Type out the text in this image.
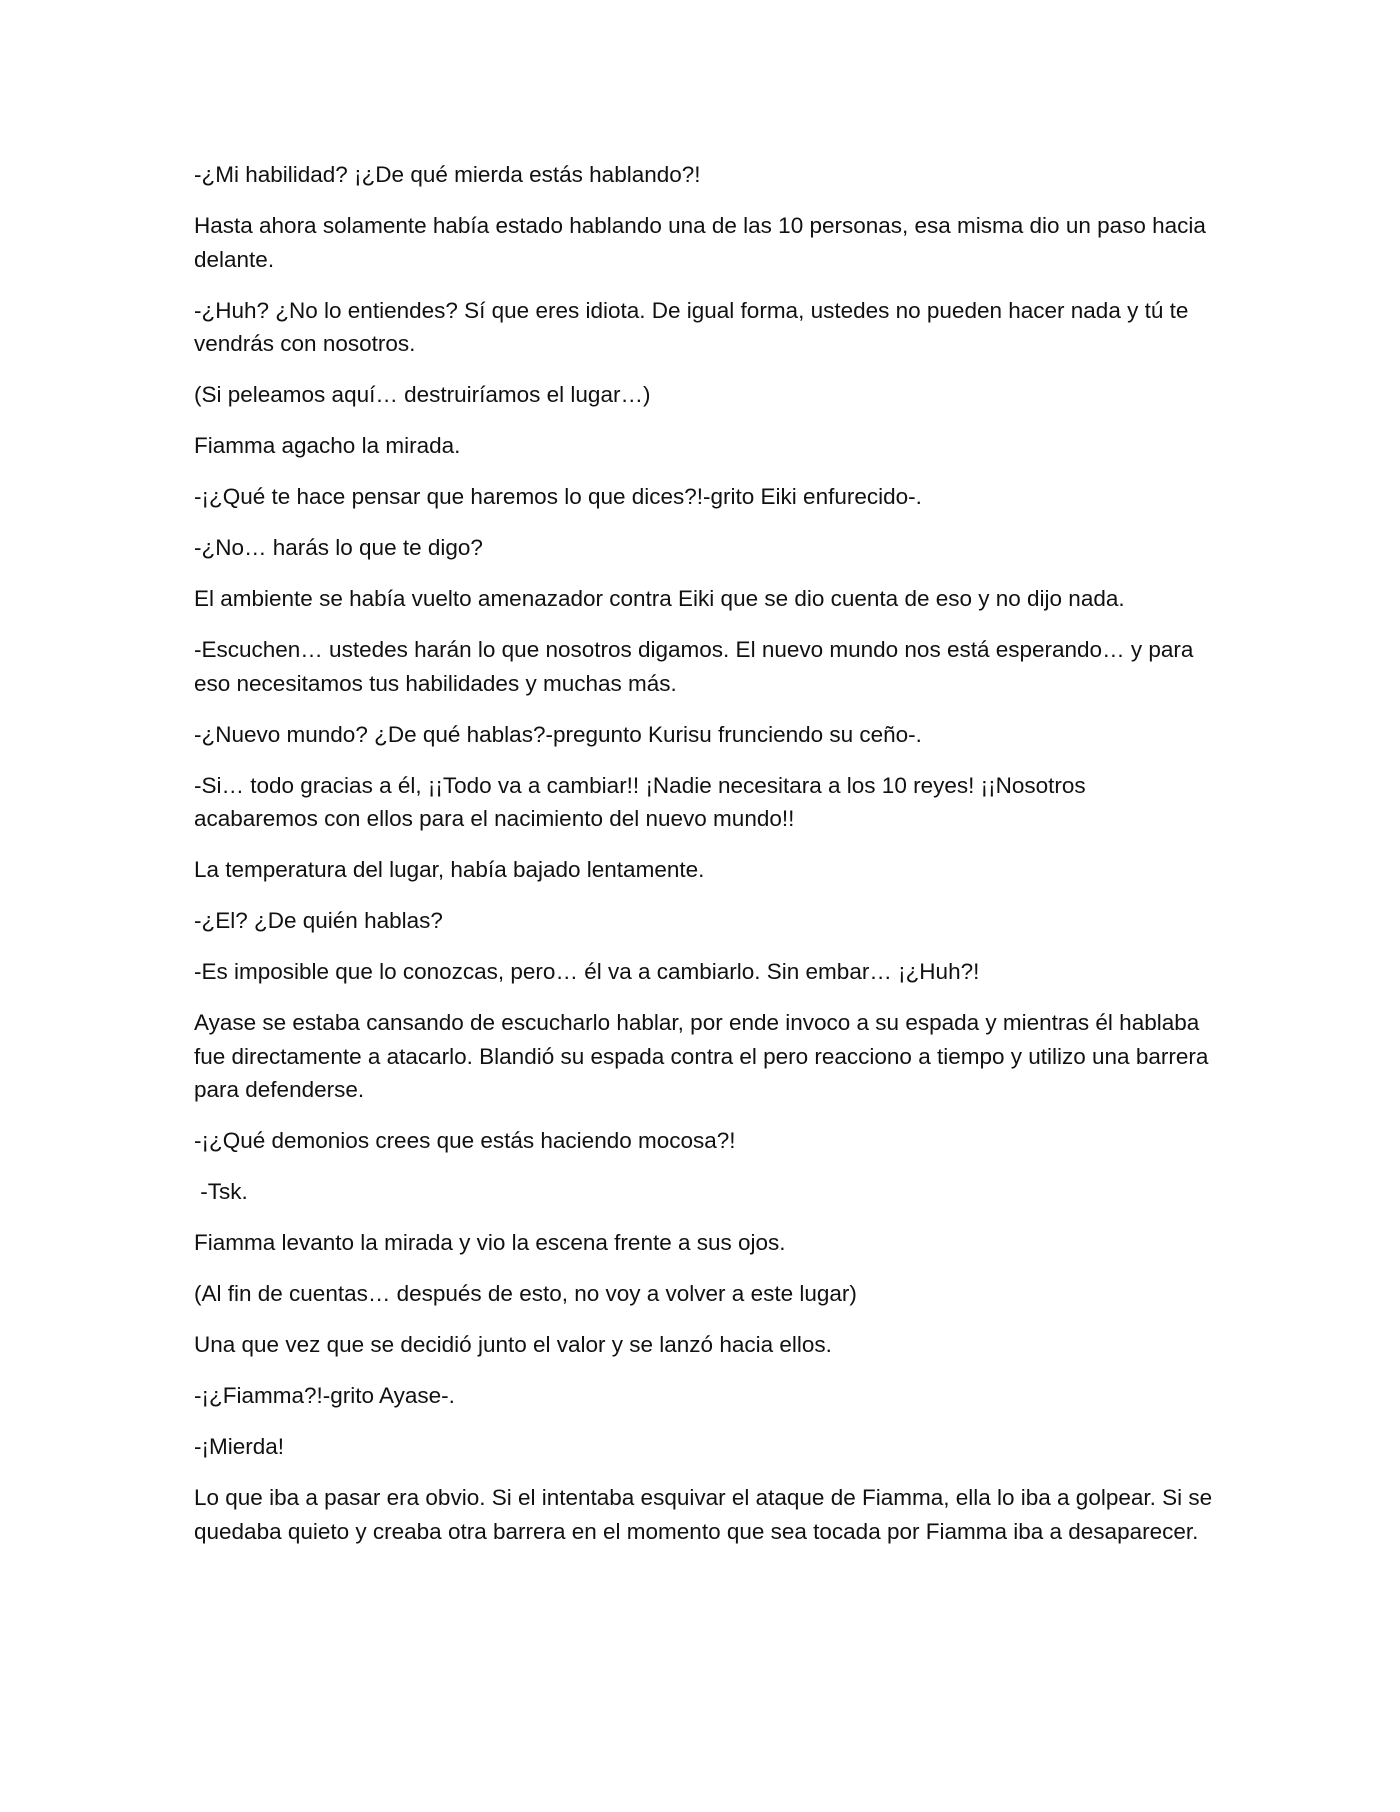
-¿Mi habilidad? ¡¿De qué mierda estás hablando?!

Hasta ahora solamente había estado hablando una de las 10 personas, esa misma dio un paso hacia delante.

-¿Huh? ¿No lo entiendes? Sí que eres idiota. De igual forma, ustedes no pueden hacer nada y tú te vendrás con nosotros.

(Si peleamos aquí… destruiríamos el lugar…)

Fiamma agacho la mirada.

-¡¿Qué te hace pensar que haremos lo que dices?!-grito Eiki enfurecido-.

-¿No… harás lo que te digo?

El ambiente se había vuelto amenazador contra Eiki que se dio cuenta de eso y no dijo nada.

-Escuchen… ustedes harán lo que nosotros digamos. El nuevo mundo nos está esperando… y para eso necesitamos tus habilidades y muchas más.

-¿Nuevo mundo? ¿De qué hablas?-pregunto Kurisu frunciendo su ceño-.

-Si… todo gracias a él, ¡¡Todo va a cambiar!! ¡Nadie necesitara a los 10 reyes! ¡¡Nosotros acabaremos con ellos para el nacimiento del nuevo mundo!!

La temperatura del lugar, había bajado lentamente.

-¿El? ¿De quién hablas?

-Es imposible que lo conozcas, pero… él va a cambiarlo. Sin embar… ¡¿Huh?!

Ayase se estaba cansando de escucharlo hablar, por ende invoco a su espada y mientras él hablaba fue directamente a atacarlo. Blandió su espada contra el pero reacciono a tiempo y utilizo una barrera para defenderse.

-¡¿Qué demonios crees que estás haciendo mocosa?!

-Tsk.

Fiamma levanto la mirada y vio la escena frente a sus ojos.

(Al fin de cuentas… después de esto, no voy a volver a este lugar)

Una que vez que se decidió junto el valor y se lanzó hacia ellos.

-¡¿Fiamma?!-grito Ayase-.

-¡Mierda!

Lo que iba a pasar era obvio. Si el intentaba esquivar el ataque de Fiamma, ella lo iba a golpear. Si se quedaba quieto y creaba otra barrera en el momento que sea tocada por Fiamma iba a desaparecer.
